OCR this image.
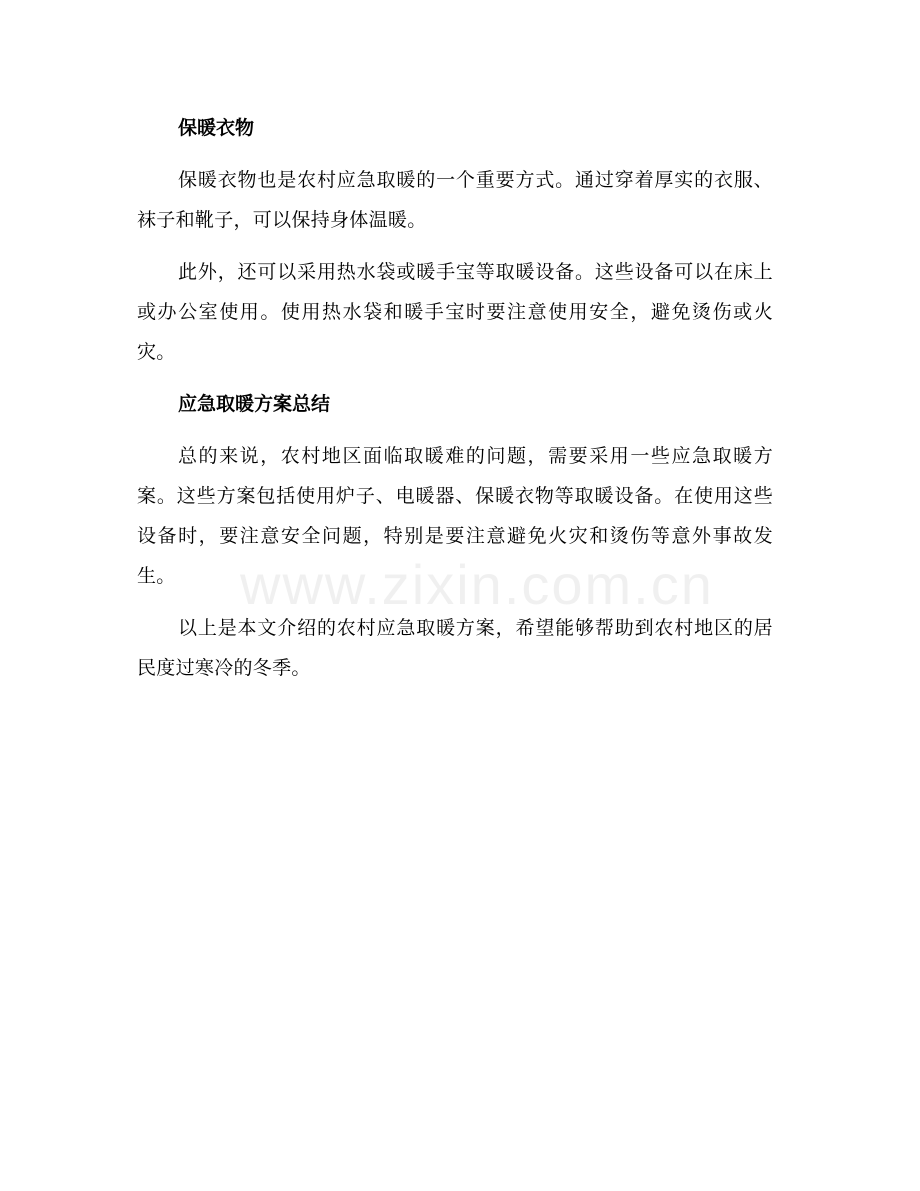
www.zixin.com.cn
保暖衣物

保暖衣物也是农村应急取暖的一个重要方式。通过穿着厚实的衣服、袜子和靴子，可以保持身体温暖。

此外，还可以采用热水袋或暖手宝等取暖设备。这些设备可以在床上或办公室使用。使用热水袋和暖手宝时要注意使用安全，避免烫伤或火灾。

应急取暖方案总结

总的来说，农村地区面临取暖难的问题，需要采用一些应急取暖方案。这些方案包括使用炉子、电暖器、保暖衣物等取暖设备。在使用这些设备时，要注意安全问题，特别是要注意避免火灾和烫伤等意外事故发生。

以上是本文介绍的农村应急取暖方案，希望能够帮助到农村地区的居民度过寒冷的冬季。
